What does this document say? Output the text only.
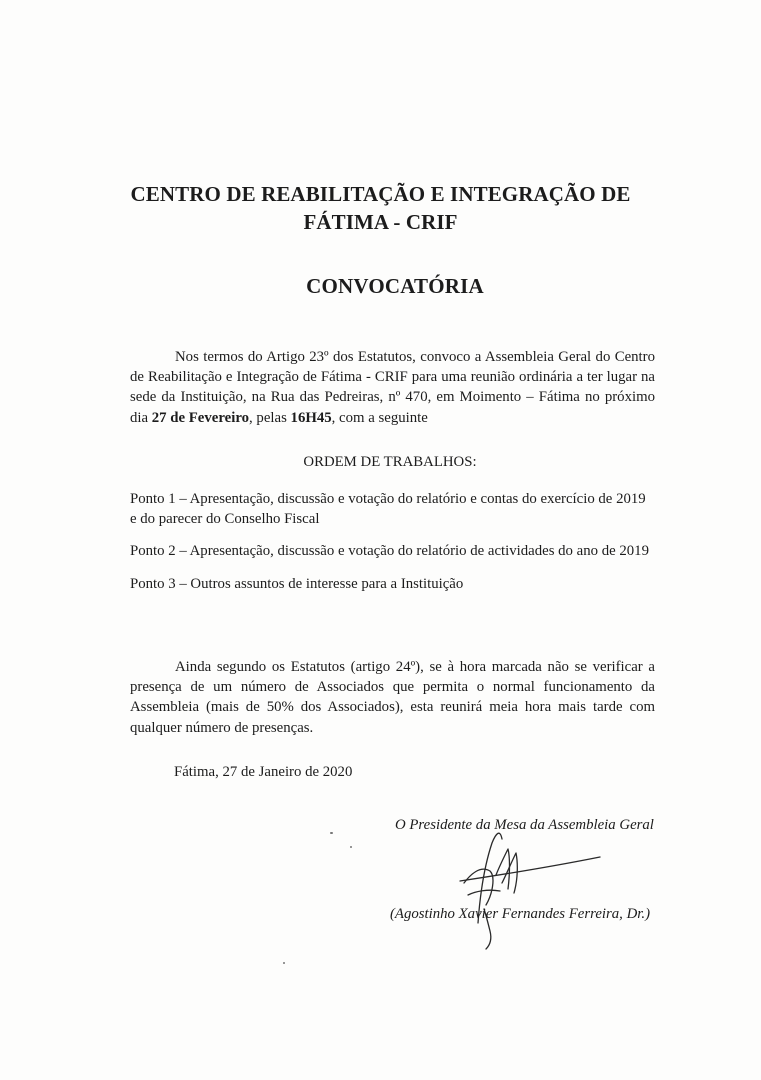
CENTRO DE REABILITAÇÃO E INTEGRAÇÃO DE
FÁTIMA - CRIF
CONVOCATÓRIA
Nos termos do Artigo 23º dos Estatutos, convoco a Assembleia Geral do Centro
de Reabilitação e Integração de Fátima - CRIF para uma reunião ordinária a ter lugar na
sede da Instituição, na Rua das Pedreiras, nº 470, em Moimento – Fátima no próximo
dia 27 de Fevereiro, pelas 16H45, com a seguinte
ORDEM DE TRABALHOS:
Ponto 1 – Apresentação, discussão e votação do relatório e contas do exercício de 2019
e do parecer do Conselho Fiscal
Ponto 2 – Apresentação, discussão e votação do relatório de actividades do ano de 2019
Ponto 3 – Outros assuntos de interesse para a Instituição
Ainda segundo os Estatutos (artigo 24º), se à hora marcada não se verificar a
presença de um número de Associados que permita o normal funcionamento da
Assembleia (mais de 50% dos Associados), esta reunirá meia hora mais tarde com
qualquer número de presenças.
Fátima, 27 de Janeiro de 2020
O Presidente da Mesa da Assembleia Geral
(Agostinho Xavier Fernandes Ferreira, Dr.)
